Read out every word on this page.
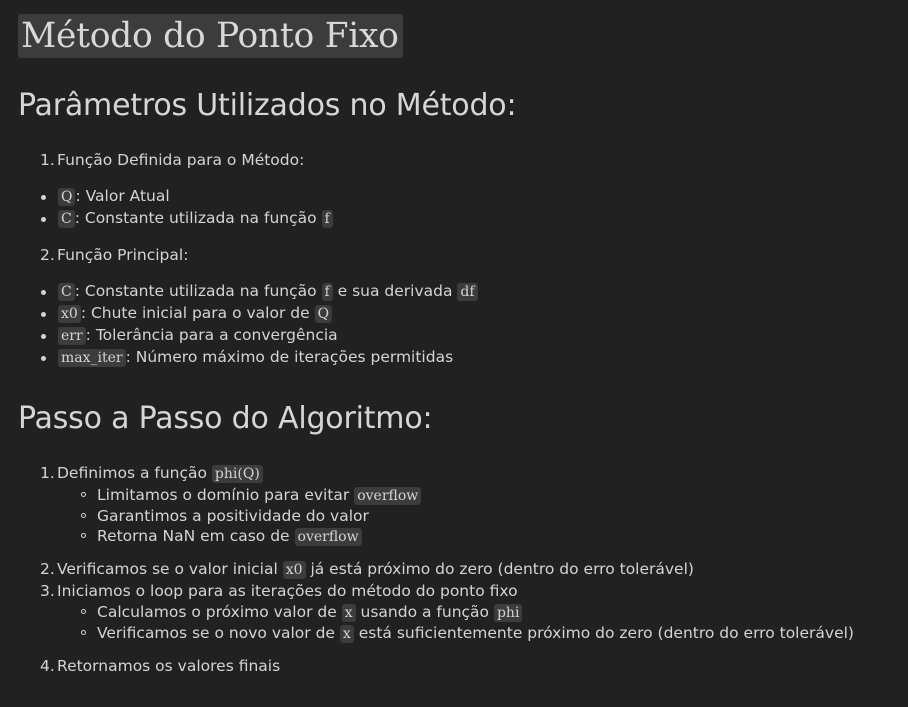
Método do Ponto Fixo
Parâmetros Utilizados no Método:
1. Função Definida para o Método:
Q : Valor Atual
C : Constante utilizada na função f
2. Função Principal:
C : Constante utilizada na função f e sua derivada df
x0 : Chute inicial para o valor de Q
err : Tolerância para a convergência
max_iter : Número máximo de iterações permitidas
Passo a Passo do Algoritmo:
1. Definimos a função phi(Q)
Limitamos o domínio para evitar overflow
Garantimos a positividade do valor
Retorna NaN em caso de overflow
2. Verificamos se o valor inicial x0 já está próximo do zero (dentro do erro tolerável)
3. Iniciamos o loop para as iterações do método do ponto fixo
Calculamos o próximo valor de x usando a função phi
Verificamos se o novo valor de x está suficientemente próximo do zero (dentro do erro tolerável)
4. Retornamos os valores finais
